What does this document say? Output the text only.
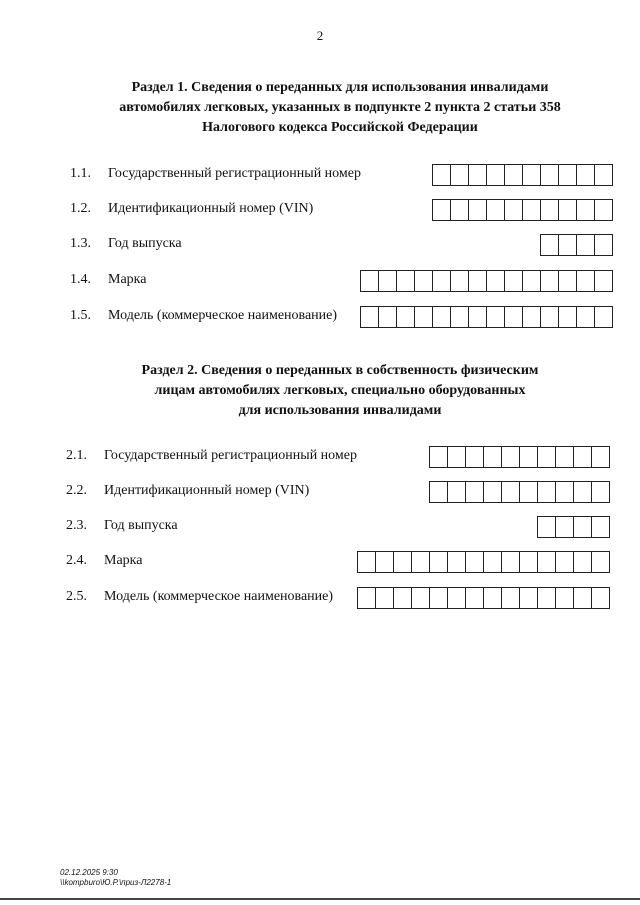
2
Раздел 1. Сведения о переданных для использования инвалидами
автомобилях легковых, указанных в подпункте 2 пункта 2 статьи 358
Налогового кодекса Российской Федерации
1.1. Государственный регистрационный номер
1.2. Идентификационный номер (VIN)
1.3. Год выпуска
1.4. Марка
1.5. Модель (коммерческое наименование)
Раздел 2. Сведения о переданных в собственность физическим
лицам автомобилях легковых, специально оборудованных
для использования инвалидами
2.1. Государственный регистрационный номер
2.2. Идентификационный номер (VIN)
2.3. Год выпуска
2.4. Марка
2.5. Модель (коммерческое наименование)
02.12.2025 9:30
\\kompburo\Ю.Р.\приз-Л2278-1
